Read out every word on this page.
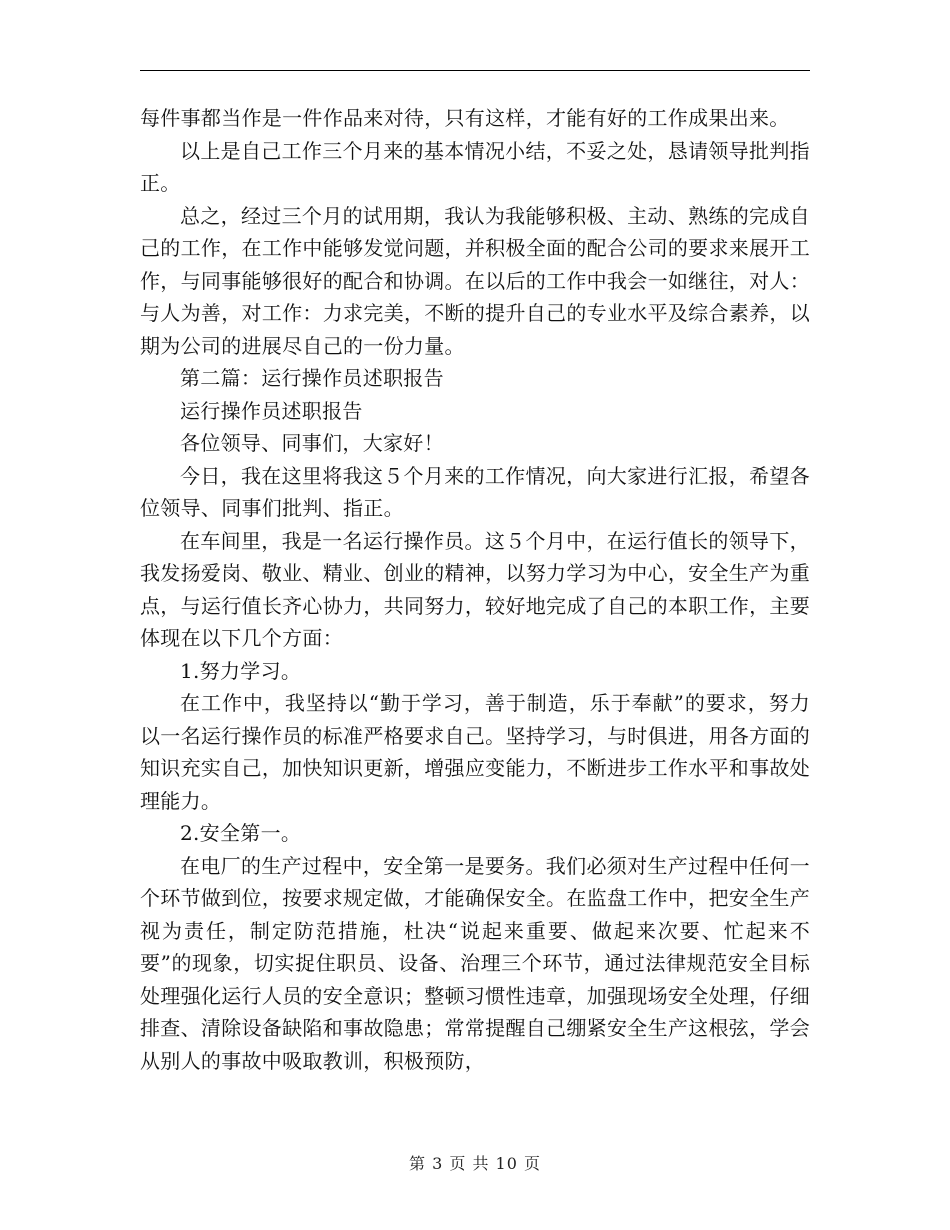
每件事都当作是一件作品来对待，只有这样，才能有好的工作成果出来。

以上是自己工作三个月来的基本情况小结，不妥之处，恳请领导批判指正。

总之，经过三个月的试用期，我认为我能够积极、主动、熟练的完成自己的工作，在工作中能够发觉问题，并积极全面的配合公司的要求来展开工作，与同事能够很好的配合和协调。在以后的工作中我会一如继往，对人：与人为善，对工作：力求完美，不断的提升自己的专业水平及综合素养，以期为公司的进展尽自己的一份力量。

第二篇：运行操作员述职报告

运行操作员述职报告

各位领导、同事们，大家好！

今日，我在这里将我这５个月来的工作情况，向大家进行汇报，希望各位领导、同事们批判、指正。

在车间里，我是一名运行操作员。这５个月中，在运行值长的领导下，我发扬爱岗、敬业、精业、创业的精神，以努力学习为中心，安全生产为重点，与运行值长齐心协力，共同努力，较好地完成了自己的本职工作，主要体现在以下几个方面：

1.努力学习。

在工作中，我坚持以“勤于学习，善于制造，乐于奉献”的要求，努力以一名运行操作员的标准严格要求自己。坚持学习，与时俱进，用各方面的知识充实自己，加快知识更新，增强应变能力，不断进步工作水平和事故处理能力。

2.安全第一。

在电厂的生产过程中，安全第一是要务。我们必须对生产过程中任何一个环节做到位，按要求规定做，才能确保安全。在监盘工作中，把安全生产视为责任，制定防范措施，杜决“说起来重要、做起来次要、忙起来不要”的现象，切实捉住职员、设备、治理三个环节，通过法律规范安全目标处理强化运行人员的安全意识；整顿习惯性违章，加强现场安全处理，仔细排查、清除设备缺陷和事故隐患；常常提醒自己绷紧安全生产这根弦，学会从别人的事故中吸取教训，积极预防，

第 3 页 共 10 页
